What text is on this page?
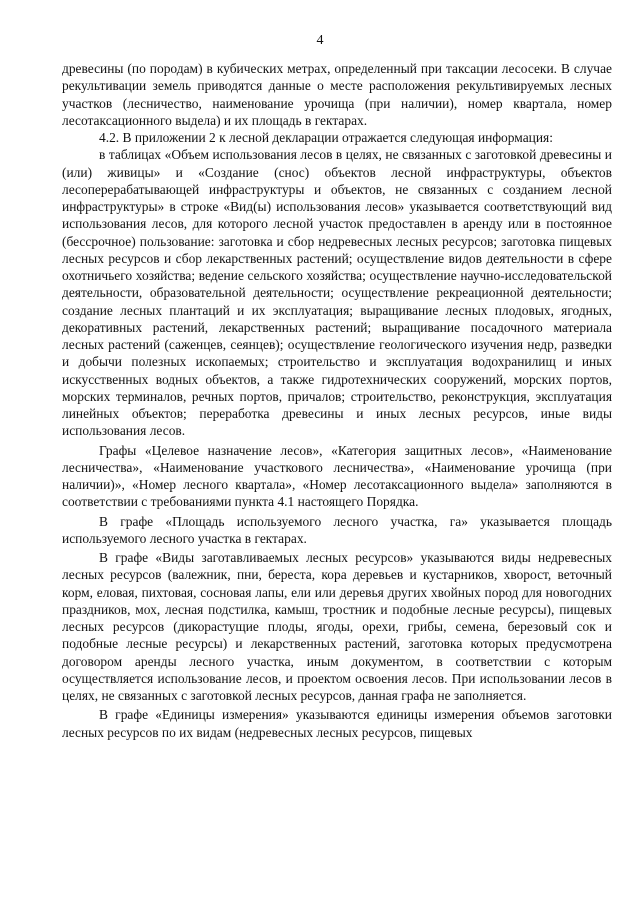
4

древесины (по породам) в кубических метрах, определенный при таксации лесосеки. В случае рекультивации земель приводятся данные о месте расположения рекультивируемых лесных участков (лесничество, наименование урочища (при наличии), номер квартала, номер лесотаксационного выдела) и их площадь в гектарах.

4.2. В приложении 2 к лесной декларации отражается следующая информация:

в таблицах «Объем использования лесов в целях, не связанных с заготовкой древесины и (или) живицы» и «Создание (снос) объектов лесной инфраструктуры, объектов лесоперерабатывающей инфраструктуры и объектов, не связанных с созданием лесной инфраструктуры» в строке «Вид(ы) использования лесов» указывается соответствующий вид использования лесов, для которого лесной участок предоставлен в аренду или в постоянное (бессрочное) пользование: заготовка и сбор недревесных лесных ресурсов; заготовка пищевых лесных ресурсов и сбор лекарственных растений; осуществление видов деятельности в сфере охотничьего хозяйства; ведение сельского хозяйства; осуществление научно-исследовательской деятельности, образовательной деятельности; осуществление рекреационной деятельности; создание лесных плантаций и их эксплуатация; выращивание лесных плодовых, ягодных, декоративных растений, лекарственных растений; выращивание посадочного материала лесных растений (саженцев, сеянцев); осуществление геологического изучения недр, разведки и добычи полезных ископаемых; строительство и эксплуатация водохранилищ и иных искусственных водных объектов, а также гидротехнических сооружений, морских портов, морских терминалов, речных портов, причалов; строительство, реконструкция, эксплуатация линейных объектов; переработка древесины и иных лесных ресурсов, иные виды использования лесов.

Графы «Целевое назначение лесов», «Категория защитных лесов», «Наименование лесничества», «Наименование участкового лесничества», «Наименование урочища (при наличии)», «Номер лесного квартала», «Номер лесотаксационного выдела» заполняются в соответствии с требованиями пункта 4.1 настоящего Порядка.

В графе «Площадь используемого лесного участка, га» указывается площадь используемого лесного участка в гектарах.

В графе «Виды заготавливаемых лесных ресурсов» указываются виды недревесных лесных ресурсов (валежник, пни, береста, кора деревьев и кустарников, хворост, веточный корм, еловая, пихтовая, сосновая лапы, ели или деревья других хвойных пород для новогодних праздников, мох, лесная подстилка, камыш, тростник и подобные лесные ресурсы), пищевых лесных ресурсов (дикорастущие плоды, ягоды, орехи, грибы, семена, березовый сок и подобные лесные ресурсы) и лекарственных растений, заготовка которых предусмотрена договором аренды лесного участка, иным документом, в соответствии с которым осуществляется использование лесов, и проектом освоения лесов. При использовании лесов в целях, не связанных с заготовкой лесных ресурсов, данная графа не заполняется.

В графе «Единицы измерения» указываются единицы измерения объемов заготовки лесных ресурсов по их видам (недревесных лесных ресурсов, пищевых
